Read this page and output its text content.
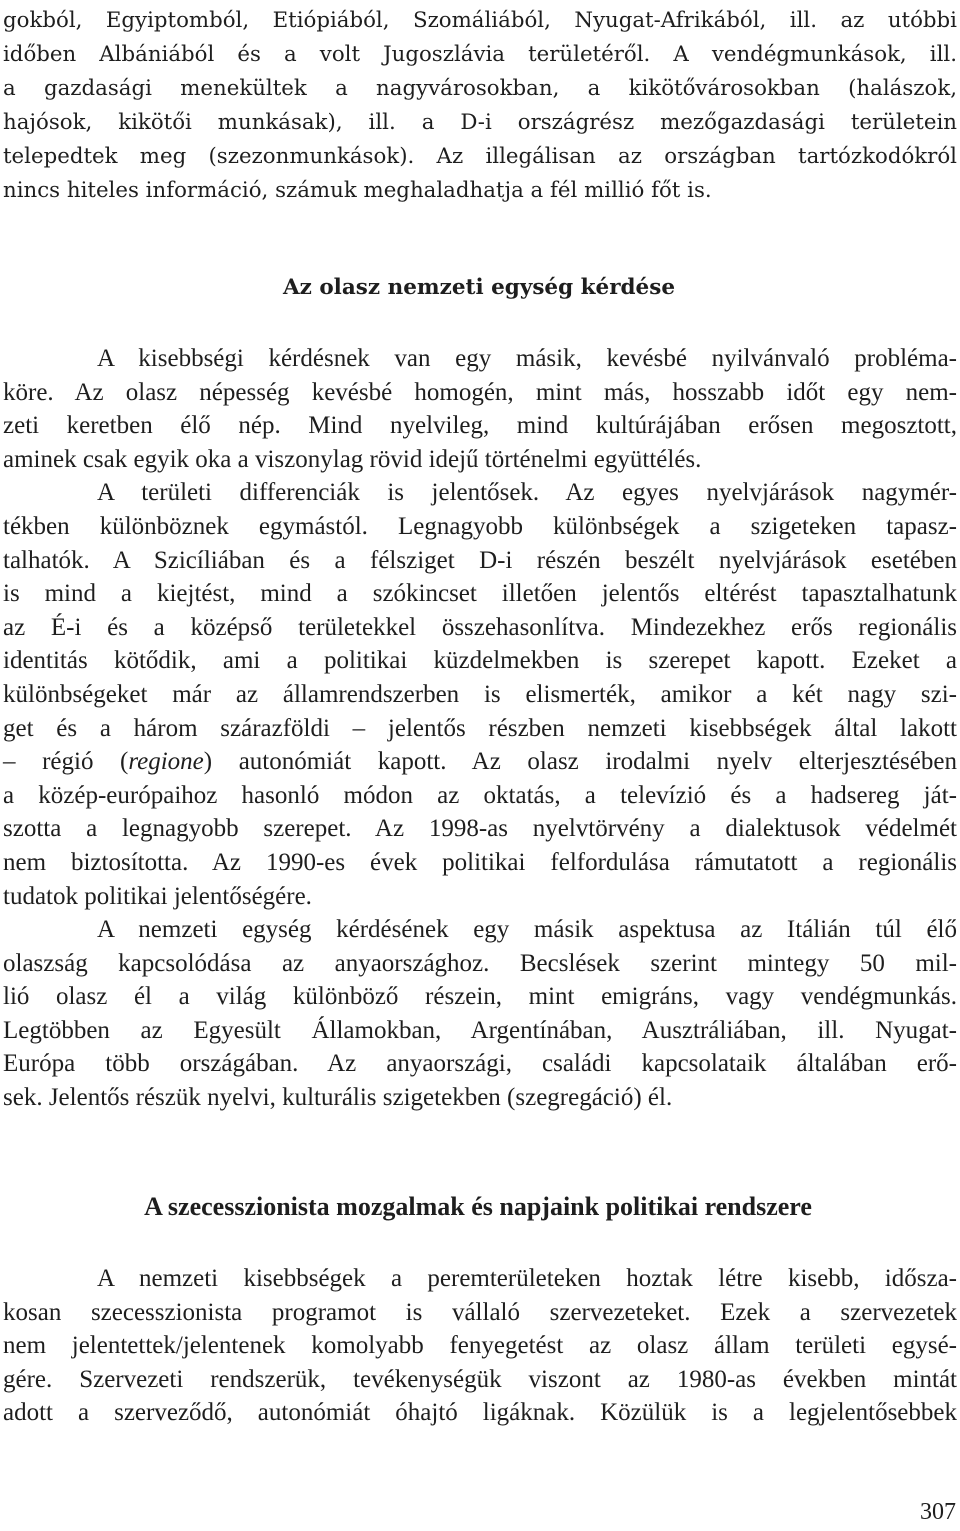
gokból, Egyiptomból, Etiópiából, Szomáliából, Nyugat-Afrikából, ill. az utóbbi
időben Albániából és a volt Jugoszlávia területéről. A vendégmunkások, ill.
a gazdasági menekültek a nagyvárosokban, a kikötővárosokban (halászok,
hajósok, kikötői munkásak), ill. a D-i országrész mezőgazdasági területein
telepedtek meg (szezonmunkások). Az illegálisan az országban tartózkodókról
nincs hiteles információ, számuk meghaladhatja a fél millió főt is.
Az olasz nemzeti egység kérdése
A kisebbségi kérdésnek van egy másik, kevésbé nyilvánvaló problémа-
köre. Az olasz népesség kevésbé homogén, mint más, hosszabb időt egy nem-
zeti keretben élő nép. Mind nyelvileg, mind kultúrájában erősen megosztott,
aminek csak egyik oka a viszonylag rövid idejű történelmi együttélés.
A területi differenciák is jelentősek. Az egyes nyelvjárások nagymér-
tékben különböznek egymástól. Legnagyobb különbségek a szigeteken tapasz-
talhatók. A Szicíliában és a félsziget D-i részén beszélt nyelvjárások esetében
is mind a kiejtést, mind a szókincset illetően jelentős eltérést tapasztalhatunk
az É-i és a középső területekkel összehasonlítva. Mindezekhez erős regionális
identitás kötődik, ami a politikai küzdelmekben is szerepet kapott. Ezeket a
különbségeket már az államrendszerben is elismerték, amikor a két nagy szi-
get és a három szárazföldi – jelentős részben nemzeti kisebbségek által lakott
– régió (regione) autonómiát kapott. Az olasz irodalmi nyelv elterjesztésében
a közép-európaihoz hasonló módon az oktatás, a televízió és a hadsereg ját-
szotta a legnagyobb szerepet. Az 1998-as nyelvtörvény a dialektusok védelmét
nem biztosította. Az 1990-es évek politikai felfordulása rámutatott a regionális
tudatok politikai jelentőségére.
A nemzeti egység kérdésének egy másik aspektusa az Itálián túl élő
olaszság kapcsolódása az anyaországhoz. Becslések szerint mintegy 50 mil-
lió olasz él a világ különböző részein, mint emigráns, vagy vendégmunkás.
Legtöbben az Egyesült Államokban, Argentínában, Ausztráliában, ill. Nyugat-
Európa több országában. Az anyaországi, családi kapcsolataik általában erő-
sek. Jelentős részük nyelvi, kulturális szigetekben (szegregáció) él.
A szecesszionista mozgalmak és napjaink politikai rendszere
A nemzeti kisebbségek a peremterületeken hoztak létre kisebb, időszа-
kosan szecesszionista programot is vállaló szervezeteket. Ezek a szervezetek
nem jelentettek/jelentenek komolyabb fenyegetést az olasz állam területi egysé-
gére. Szervezeti rendszerük, tevékenységük viszont az 1980-as években mintát
adott a szerveződő, autonómiát óhajtó ligáknak. Közülük is a legjelentősebbek
307
